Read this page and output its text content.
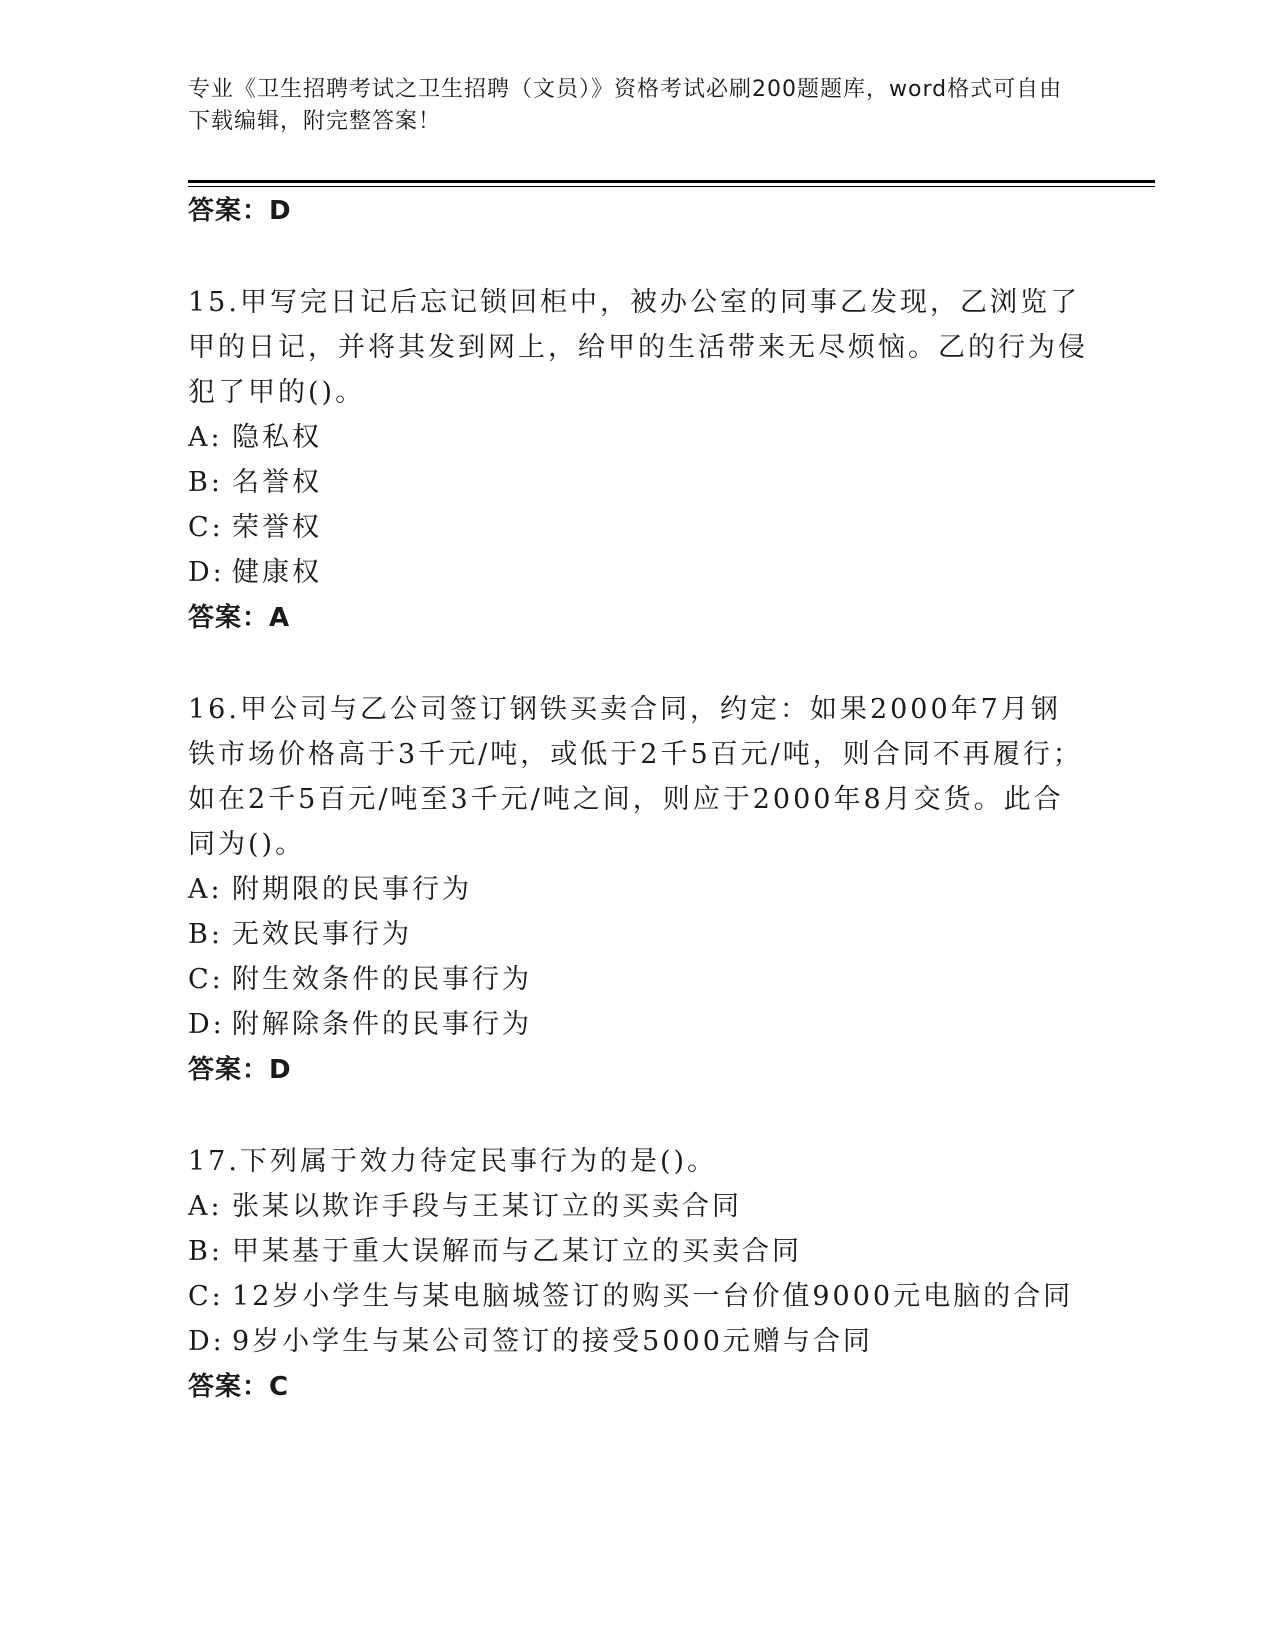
专业《卫生招聘考试之卫生招聘（文员）》资格考试必刷200题题库，word格式可自由下载编辑，附完整答案！
答案：D
15.甲写完日记后忘记锁回柜中，被办公室的同事乙发现，乙浏览了甲的日记，并将其发到网上，给甲的生活带来无尽烦恼。乙的行为侵犯了甲的()。
A: 隐私权
B: 名誉权
C: 荣誉权
D: 健康权
答案：A
16.甲公司与乙公司签订钢铁买卖合同，约定：如果2000年7月钢铁市场价格高于3千元/吨，或低于2千5百元/吨，则合同不再履行；如在2千5百元/吨至3千元/吨之间，则应于2000年8月交货。此合同为()。
A: 附期限的民事行为
B: 无效民事行为
C: 附生效条件的民事行为
D: 附解除条件的民事行为
答案：D
17.下列属于效力待定民事行为的是()。
A: 张某以欺诈手段与王某订立的买卖合同
B: 甲某基于重大误解而与乙某订立的买卖合同
C: 12岁小学生与某电脑城签订的购买一台价值9000元电脑的合同
D: 9岁小学生与某公司签订的接受5000元赠与合同
答案：C
